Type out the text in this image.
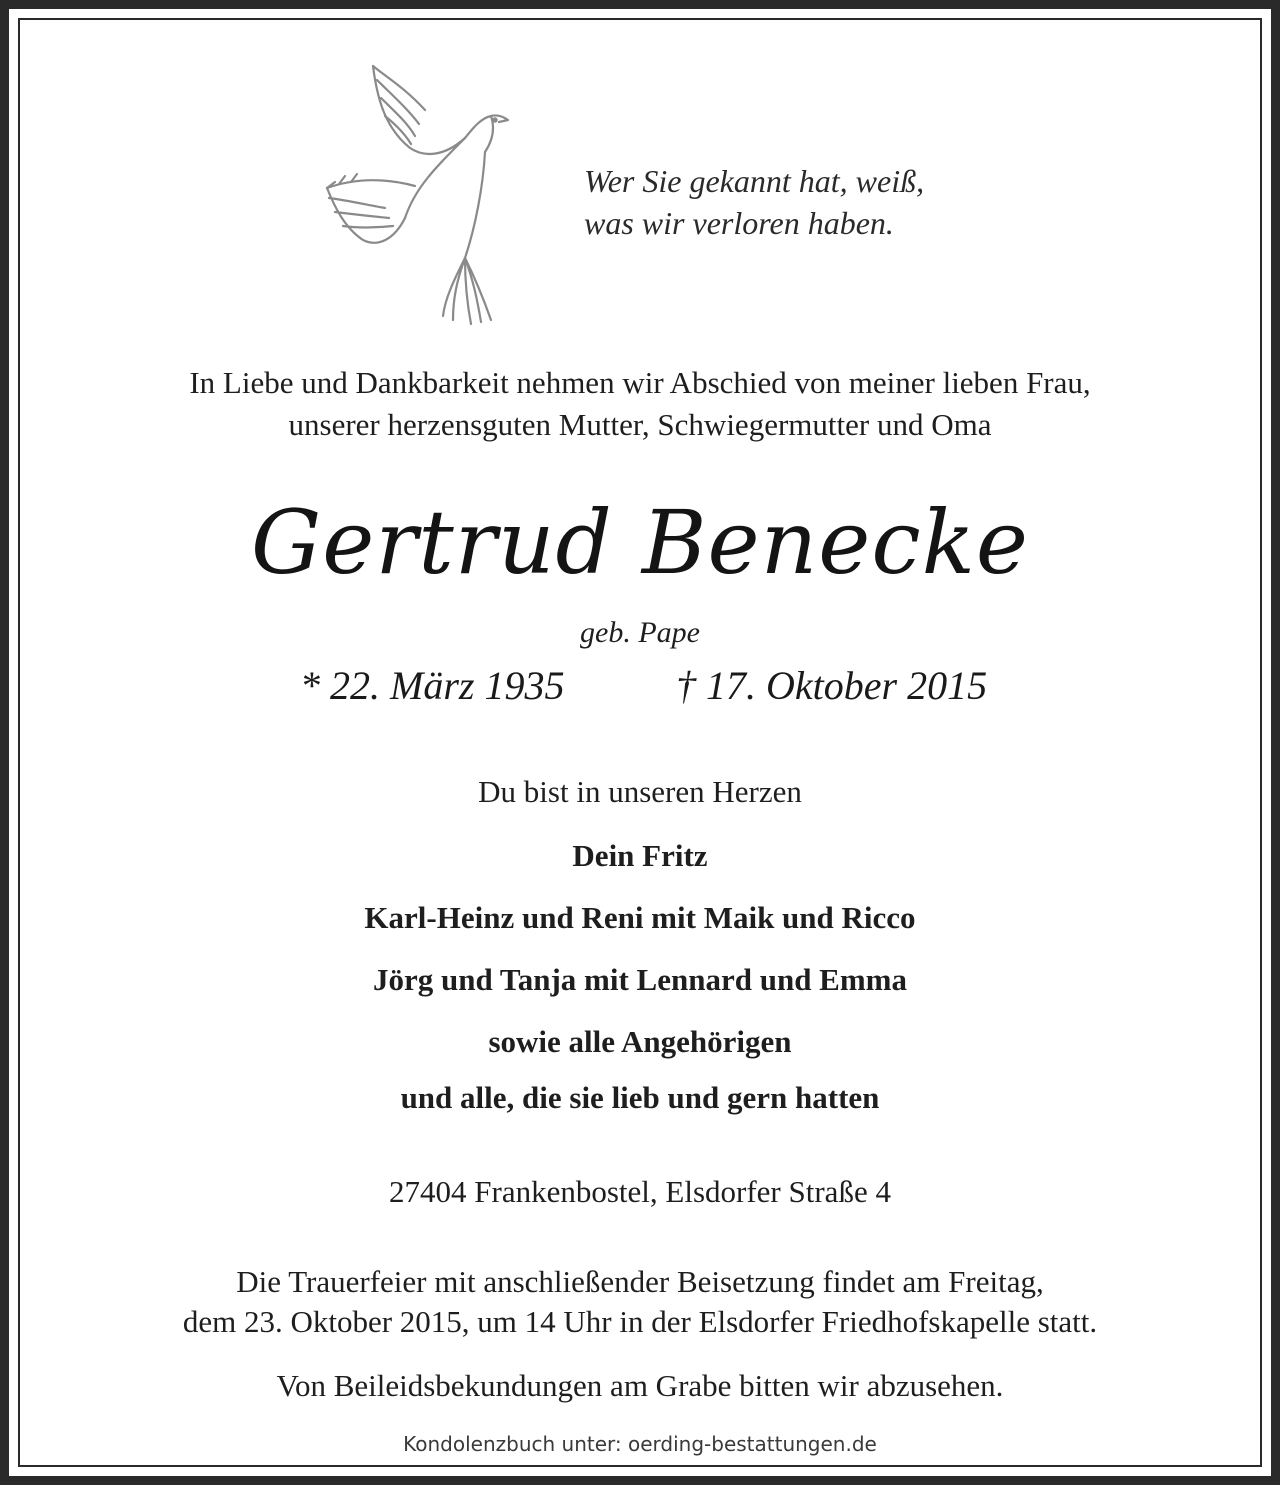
Wer Sie gekannt hat, weiß,
was wir verloren haben.
In Liebe und Dankbarkeit nehmen wir Abschied von meiner lieben Frau,
unserer herzensguten Mutter, Schwiegermutter und Oma
Gertrud Benecke
geb. Pape
* 22. März 1935	† 17. Oktober 2015
Du bist in unseren Herzen
Dein Fritz
Karl-Heinz und Reni mit Maik und Ricco
Jörg und Tanja mit Lennard und Emma
sowie alle Angehörigen
und alle, die sie lieb und gern hatten
27404 Frankenbostel, Elsdorfer Straße 4
Die Trauerfeier mit anschließender Beisetzung findet am Freitag,
dem 23. Oktober 2015, um 14 Uhr in der Elsdorfer Friedhofskapelle statt.
Von Beileidsbekundungen am Grabe bitten wir abzusehen.
Kondolenzbuch unter: oerding-bestattungen.de
